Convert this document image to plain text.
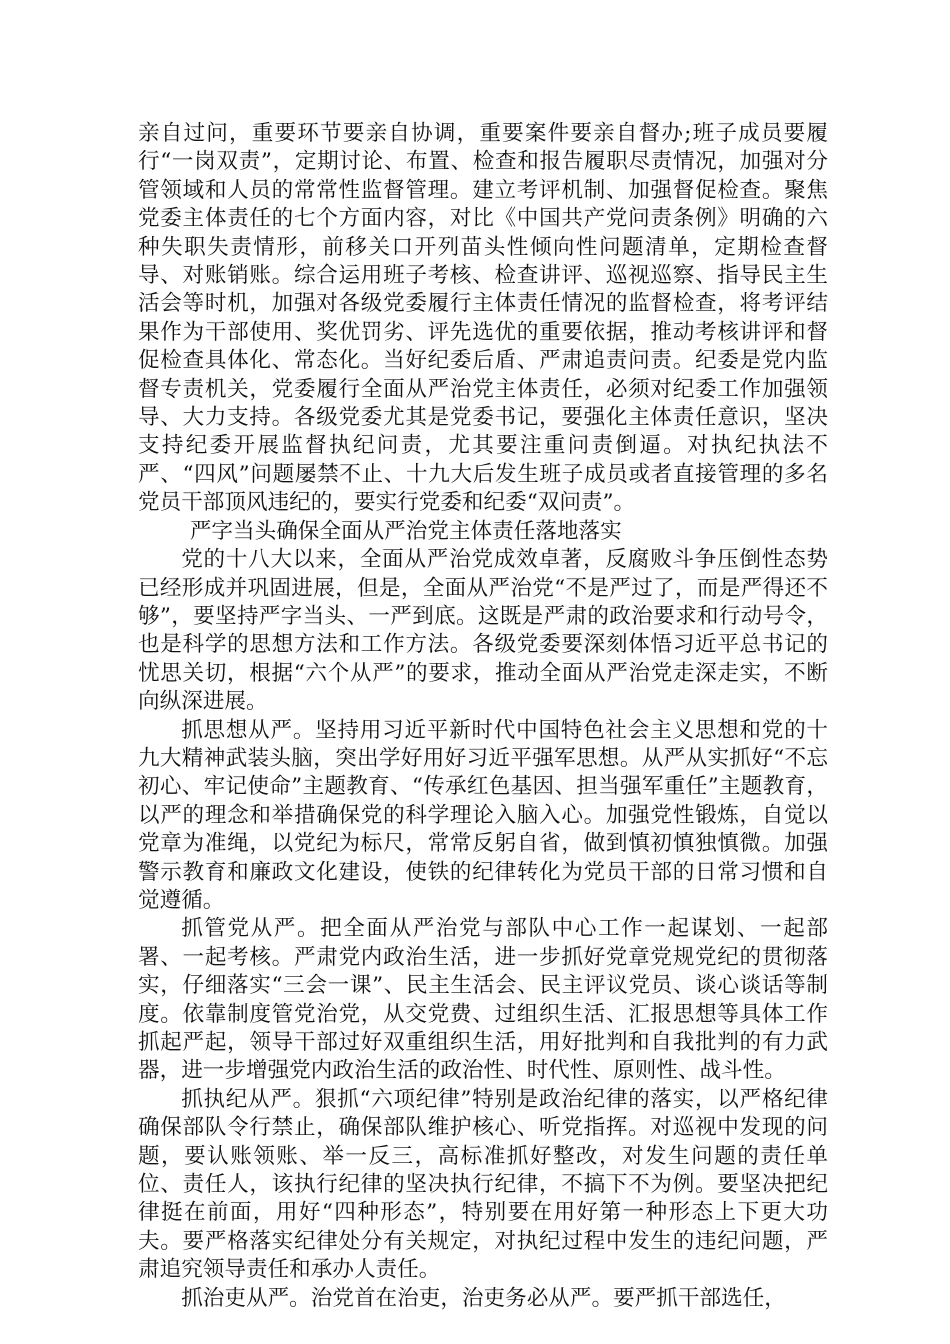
亲自过问，重要环节要亲自协调，重要案件要亲自督办;班子成员要履行“一岗双责”，定期讨论、布置、检查和报告履职尽责情况，加强对分管领域和人员的常常性监督管理。建立考评机制、加强督促检查。聚焦党委主体责任的七个方面内容，对比《中国共产党问责条例》明确的六种失职失责情形，前移关口开列苗头性倾向性问题清单，定期检查督导、对账销账。综合运用班子考核、检查讲评、巡视巡察、指导民主生活会等时机，加强对各级党委履行主体责任情况的监督检查，将考评结果作为干部使用、奖优罚劣、评先选优的重要依据，推动考核讲评和督促检查具体化、常态化。当好纪委后盾、严肃追责问责。纪委是党内监督专责机关，党委履行全面从严治党主体责任，必须对纪委工作加强领导、大力支持。各级党委尤其是党委书记，要强化主体责任意识，坚决支持纪委开展监督执纪问责，尤其要注重问责倒逼。对执纪执法不严、“四风”问题屡禁不止、十九大后发生班子成员或者直接管理的多名党员干部顶风违纪的，要实行党委和纪委“双问责”。

严字当头确保全面从严治党主体责任落地落实

党的十八大以来，全面从严治党成效卓著，反腐败斗争压倒性态势已经形成并巩固进展，但是，全面从严治党“不是严过了，而是严得还不够”，要坚持严字当头、一严到底。这既是严肃的政治要求和行动号令，也是科学的思想方法和工作方法。各级党委要深刻体悟习近平总书记的忧思关切，根据“六个从严”的要求，推动全面从严治党走深走实，不断向纵深进展。

抓思想从严。坚持用习近平新时代中国特色社会主义思想和党的十九大精神武装头脑，突出学好用好习近平强军思想。从严从实抓好“不忘初心、牢记使命”主题教育、“传承红色基因、担当强军重任”主题教育，以严的理念和举措确保党的科学理论入脑入心。加强党性锻炼，自觉以党章为准绳，以党纪为标尺，常常反躬自省，做到慎初慎独慎微。加强警示教育和廉政文化建设，使铁的纪律转化为党员干部的日常习惯和自觉遵循。

抓管党从严。把全面从严治党与部队中心工作一起谋划、一起部署、一起考核。严肃党内政治生活，进一步抓好党章党规党纪的贯彻落实，仔细落实“三会一课”、民主生活会、民主评议党员、谈心谈话等制度。依靠制度管党治党，从交党费、过组织生活、汇报思想等具体工作抓起严起，领导干部过好双重组织生活，用好批判和自我批判的有力武器，进一步增强党内政治生活的政治性、时代性、原则性、战斗性。

抓执纪从严。狠抓“六项纪律”特别是政治纪律的落实，以严格纪律确保部队令行禁止，确保部队维护核心、听党指挥。对巡视中发现的问题，要认账领账、举一反三，高标准抓好整改，对发生问题的责任单位、责任人，该执行纪律的坚决执行纪律，不搞下不为例。要坚决把纪律挺在前面，用好“四种形态”，特别要在用好第一种形态上下更大功夫。要严格落实纪律处分有关规定，对执纪过程中发生的违纪问题，严肃追究领导责任和承办人责任。

抓治吏从严。治党首在治吏，治吏务必从严。要严抓干部选任，
